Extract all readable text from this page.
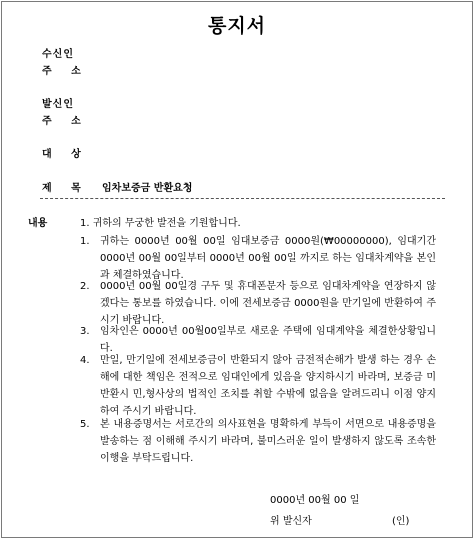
통지서
수신인
주 소
발신인
주 소
대 상
제 목 임차보증금 반환요청
내용	1. 귀하의 무궁한 발전을 기원합니다.
1.	귀하는 0000년 00월 00일 임대보증금 0000원(₩00000000), 임대기간 0000년 00월 00일부터 0000년 00월 00일 까지로 하는 임대차계약을 본인과 체결하였습니다.
2.	0000년 00월 00일경 구두 및 휴대폰문자 등으로 임대차계약을 연장하지 않겠다는 통보를 하였습니다. 이에 전세보증금 0000원을 만기일에 반환하여 주시기 바랍니다.
3.	임차인은 0000년 00월00일부로 새로운 주택에 임대계약을 체결한상황입니다.
4.	만일, 만기일에 전세보증금이 반환되지 않아 금전적손해가 발생 하는 경우 손해에 대한 책임은 전적으로 임대인에게 있음을 양지하시기 바라며, 보증금 미반환시 민,형사상의 법적인 조치를 취할 수밖에 없음을 알려드리니 이점 양지하여 주시기 바랍니다.
5.	본 내용증명서는 서로간의 의사표현을 명확하게 부득이 서면으로 내용증명을 발송하는 점 이해해 주시기 바라며, 불미스러운 일이 발생하지 않도록 조속한 이행을 부탁드립니다.
0000년 00월 00 일
위 발신자	(인)
